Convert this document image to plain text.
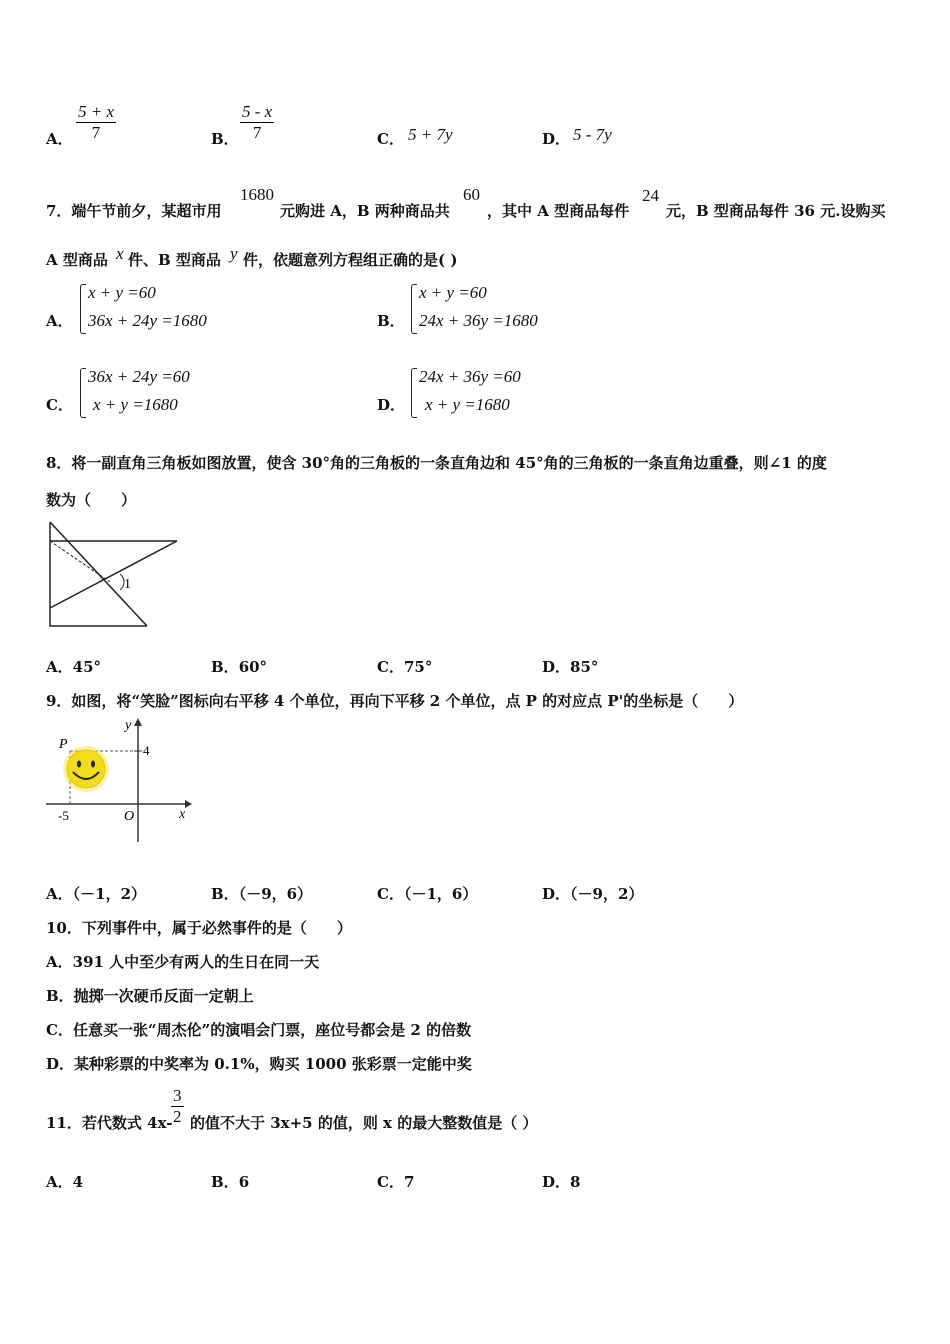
A． $\frac{5 + x}{7}$	B． $\frac{5 - x}{7}$	C． 5 + 7y	D． 5 - 7y
7．端午节前夕，某超市用
1680
元购进 A，B 两种商品共
60
，其中 A 型商品每件
24
元，B 型商品每件 36 元.设购买
A 型商品 x 件、B 型商品 y 件，依题意列方程组正确的是( )
A．
x + y =60
36x + 24y =1680	B．
x + y =60
24x + 36y =1680
C．
36x + 24y =60
x + y =1680	D．
24x + 36y =60
x + y =1680
8．将一副直角三角板如图放置，使含 30°角的三角板的一条直角边和 45°角的三角板的一条直角边重叠，则∠1 的度
数为（　　）
1
A．45°	B．60°	C．75°	D．85°
9．如图，将“笑脸”图标向右平移 4 个单位，再向下平移 2 个单位，点 P 的对应点 P'的坐标是（　　）
P
y
4
-5	O	x
A．（－1，2）	B．（－9，6）	C．（－1，6）	D．（－9，2）
10．下列事件中，属于必然事件的是（　　）
A．391 人中至少有两人的生日在同一天
B．抛掷一次硬币反面一定朝上
C．任意买一张“周杰伦”的演唱会门票，座位号都会是 2 的倍数
D．某种彩票的中奖率为 0.1%，购买 1000 张彩票一定能中奖
11．若代数式 4x-
$\frac{3}{2}$ 的值不大于 3x+5 的值，则 x 的最大整数值是（ ）
A．4	B．6	C．7	D．8
